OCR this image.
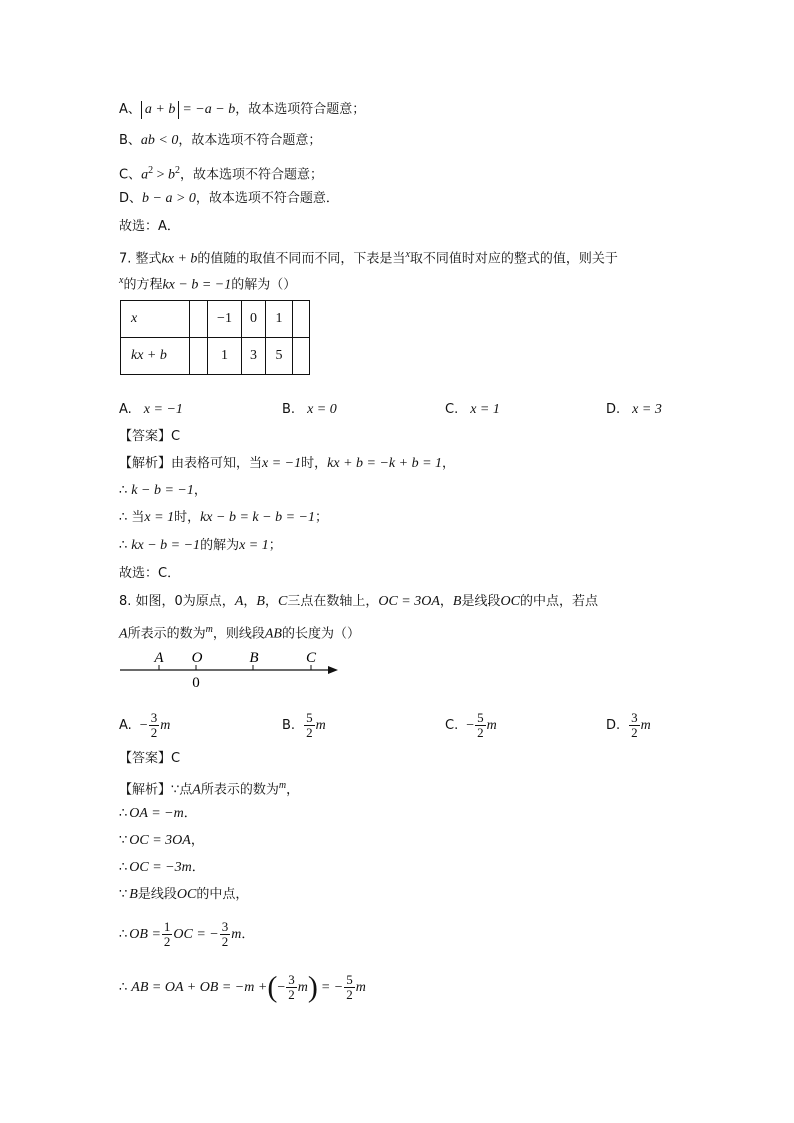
A、 a + b = −a − b，故本选项符合题意；
B、ab < 0，故本选项不符合题意；
C、$a^2 > b^2$，故本选项不符合题意；
D、b − a > 0，故本选项不符合题意．
故选：A．
7. 整式kx + b的值随的取值不同而不同，下表是当$^x$取不同值时对应的整式的值，则关于
$^x$的方程kx − b = −1的解为（）
x		−1	0	1	
kx + b		1	3	5	
A. x = −1	B. x = 0	C. x = 1	D. x = 3
【答案】C
【解析】由表格可知，当x = −1时，kx + b = −k + b = 1，
∴ k − b = −1，
∴ 当x = 1时，kx − b = k − b = −1；
∴ kx − b = −1的解为x = 1；
故选：C．
8. 如图，0为原点，A，B，C三点在数轴上，OC = 3OA，B是线段OC的中点，若点
A所表示的数为$^m$，则线段AB的长度为（）
A O	B	C
0
A. − $\frac{3}{2}$ m	B. $\frac{5}{2}$ m	C. − $\frac{5}{2}$ m	D. $\frac{3}{2}$ m
【答案】C
【解析】∵点A所表示的数为$^m$，
∴ OA = −m．
∵ OC = 3OA，
∴ OC = −3m．
∵ B是线段OC的中点，
∴ OB = $\frac{1}{2}$ OC = − $\frac{3}{2}$ m．
∴ AB = OA + OB = −m +(− $\frac{3}{2} m$) = − $\frac{5}{2}$ m
